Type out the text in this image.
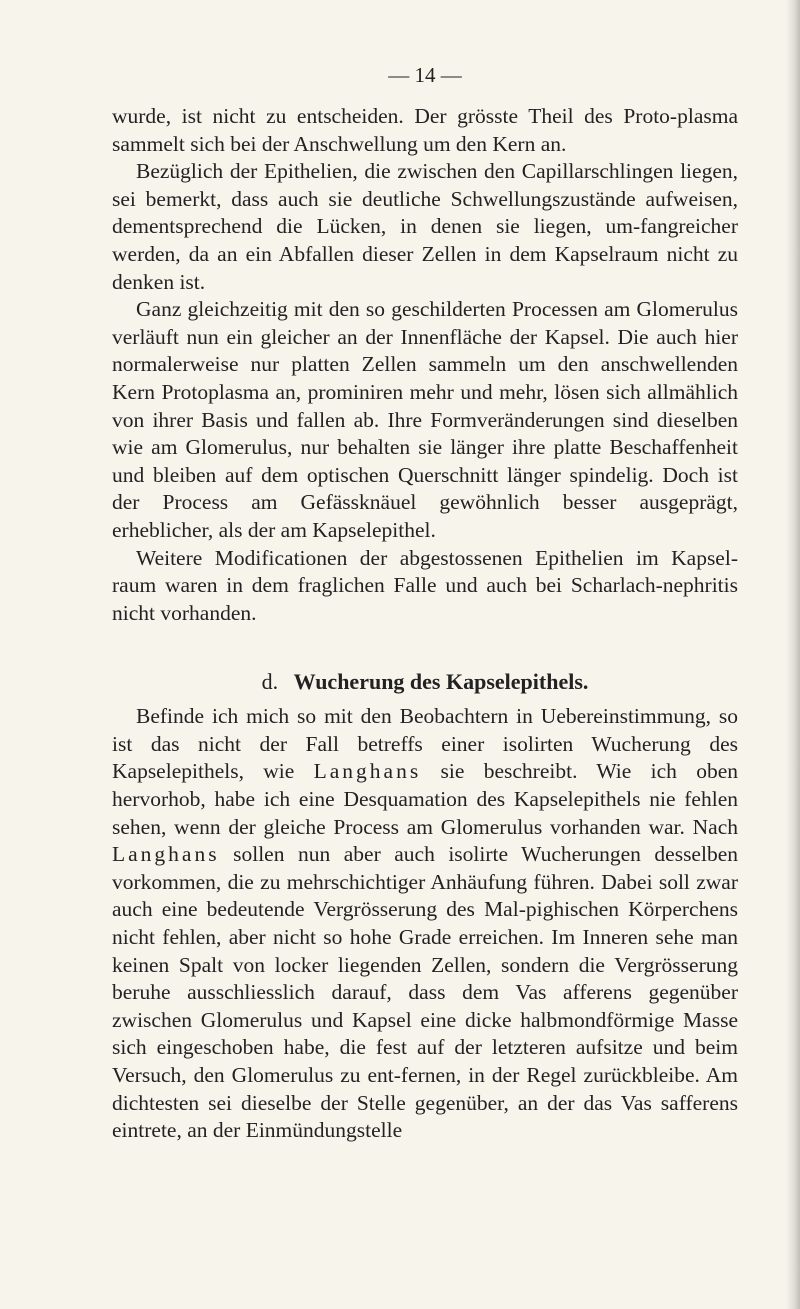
— 14 —

wurde, ist nicht zu entscheiden. Der grösste Theil des Proto-plasma sammelt sich bei der Anschwellung um den Kern an.

Bezüglich der Epithelien, die zwischen den Capillarschlingen liegen, sei bemerkt, dass auch sie deutliche Schwellungszustände aufweisen, dementsprechend die Lücken, in denen sie liegen, um-fangreicher werden, da an ein Abfallen dieser Zellen in dem Kapselraum nicht zu denken ist.

Ganz gleichzeitig mit den so geschilderten Processen am Glomerulus verläuft nun ein gleicher an der Innenfläche der Kapsel. Die auch hier normalerweise nur platten Zellen sammeln um den anschwellenden Kern Protoplasma an, prominiren mehr und mehr, lösen sich allmählich von ihrer Basis und fallen ab. Ihre Formveränderungen sind dieselben wie am Glomerulus, nur behalten sie länger ihre platte Beschaffenheit und bleiben auf dem optischen Querschnitt länger spindelig. Doch ist der Process am Gefässknäuel gewöhnlich besser ausgeprägt, erheblicher, als der am Kapselepithel.

Weitere Modificationen der abgestossenen Epithelien im Kapsel-raum waren in dem fraglichen Falle und auch bei Scharlach-nephritis nicht vorhanden.

d. Wucherung des Kapselepithels.

Befinde ich mich so mit den Beobachtern in Uebereinstimmung, so ist das nicht der Fall betreffs einer isolirten Wucherung des Kapselepithels, wie Langhans sie beschreibt. Wie ich oben hervorhob, habe ich eine Desquamation des Kapselepithels nie fehlen sehen, wenn der gleiche Process am Glomerulus vorhanden war. Nach Langhans sollen nun aber auch isolirte Wucherungen desselben vorkommen, die zu mehrschichtiger Anhäufung führen. Dabei soll zwar auch eine bedeutende Vergrösserung des Mal-pighischen Körperchens nicht fehlen, aber nicht so hohe Grade erreichen. Im Inneren sehe man keinen Spalt von locker liegenden Zellen, sondern die Vergrösserung beruhe ausschliesslich darauf, dass dem Vas afferens gegenüber zwischen Glomerulus und Kapsel eine dicke halbmondförmige Masse sich eingeschoben habe, die fest auf der letzteren aufsitze und beim Versuch, den Glomerulus zu ent-fernen, in der Regel zurückbleibe. Am dichtesten sei dieselbe der Stelle gegenüber, an der das Vas safferens eintrete, an der Einmündungstelle
